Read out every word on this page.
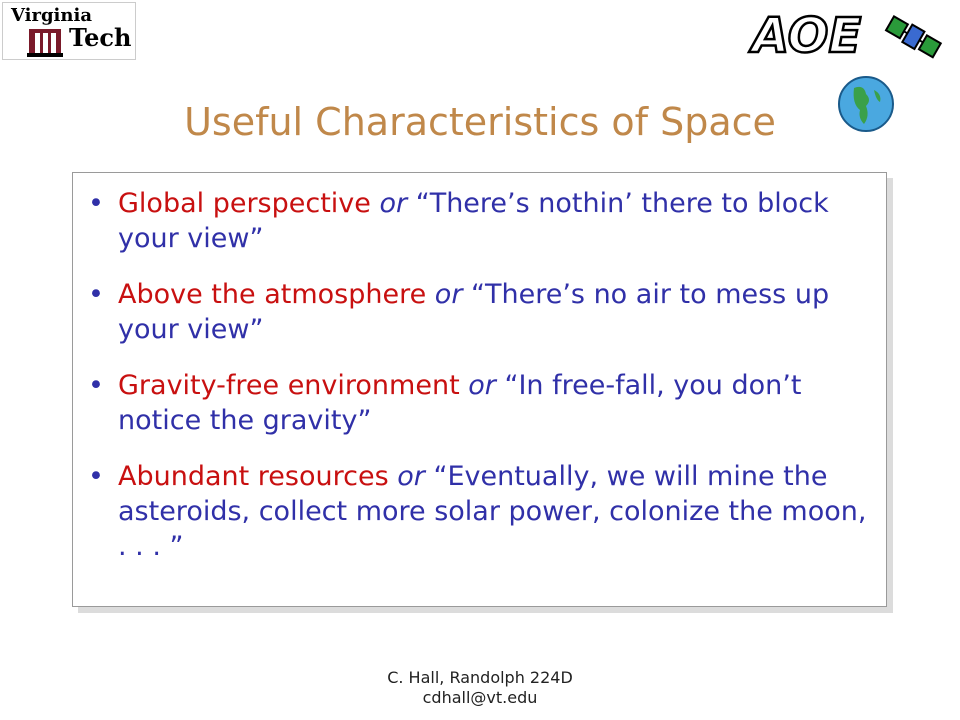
Virginia
Tech	AOE
Useful Characteristics of Space
• Global perspective or “There’s nothin’ there to block your view”
• Above the atmosphere or “There’s no air to mess up your view”
• Gravity-free environment or “In free-fall, you don’t notice the gravity”
• Abundant resources or “Eventually, we will mine the asteroids, collect more solar power, colonize the moon, . . . ”
C. Hall, Randolph 224D
cdhall@vt.edu
